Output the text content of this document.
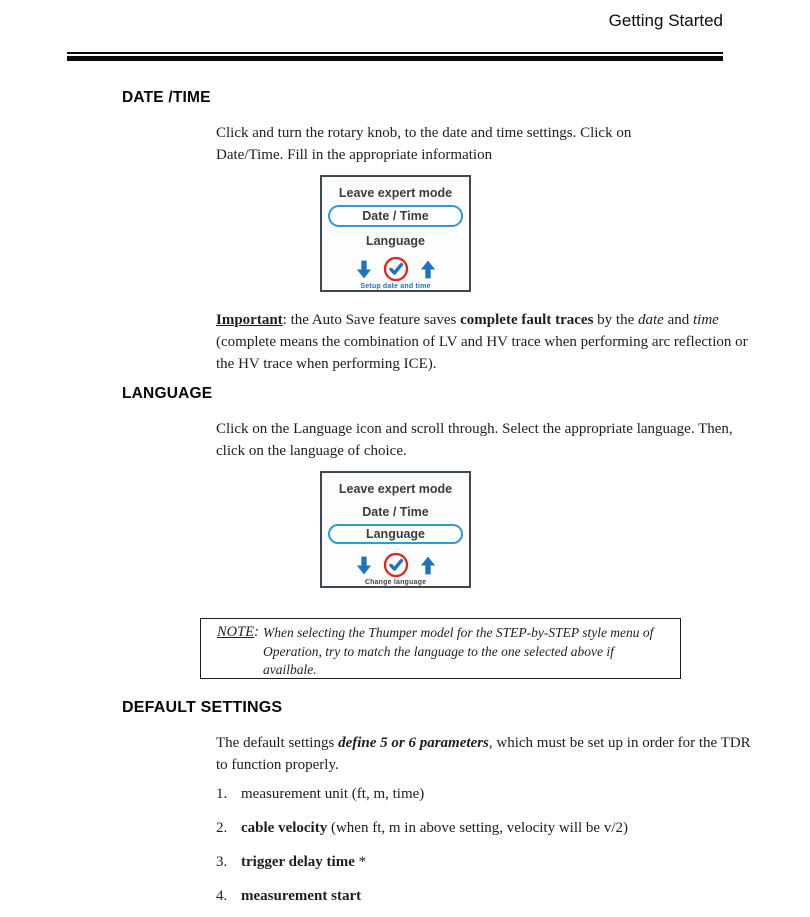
Getting Started
DATE /TIME
Click and turn the rotary knob, to the date and time settings. Click on Date/Time. Fill in the appropriate information
Leave expert mode
Date / Time
Language
Setup date and time
Important: the Auto Save feature saves complete fault traces by the date and time (complete means the combination of LV and HV trace when performing arc reflection or the HV trace when performing ICE).
LANGUAGE
Click on the Language icon and scroll through. Select the appropriate language. Then, click on the language of choice.
Leave expert mode
Date / Time
Language
Change language
NOTE: When selecting the Thumper model for the STEP-by-STEP style menu of Operation, try to match the language to the one selected above if availbale.
DEFAULT SETTINGS
The default settings define 5 or 6 parameters, which must be set up in order for the TDR to function properly.
1. measurement unit (ft, m, time)
2. cable velocity (when ft, m in above setting, velocity will be v/2)
3. trigger delay time *
4. measurement start
